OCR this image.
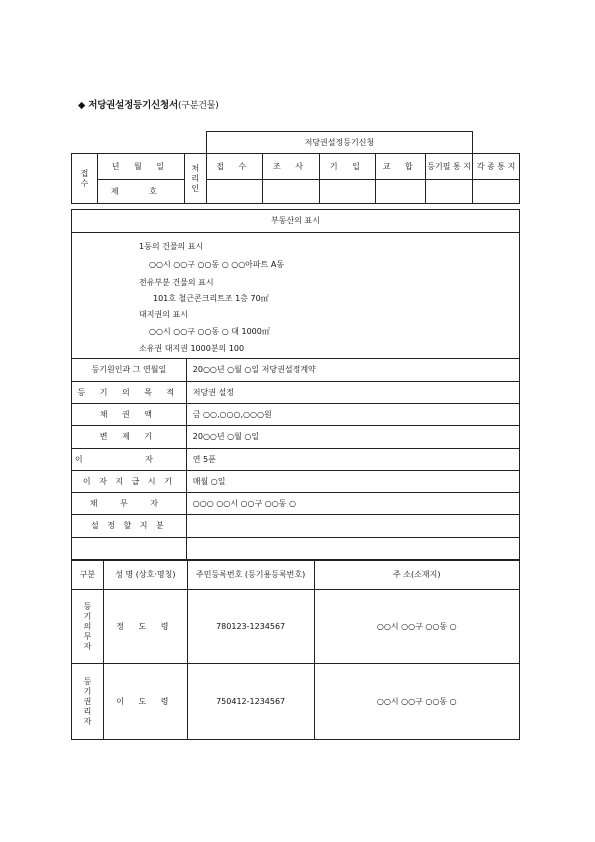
◆ 저당권설정등기신청서(구분건물)
			저당권설정등기신청					

접수	년 월 일	처리인	접 수	조 사	기 입	교 합	등기필 통 지	각 종 통 지
	제 호							
부동산의 표시	

등기원인과 그 연월일	20○○년 ○월 ○일 저당권설정계약
등 기 의 목 적	저당권 설정
채 권 액	금 ○○,○○○,○○○원
변 제 기	20○○년 ○월 ○일
이 자	연 5푼
이 자 지 급 시 기	매월 ○일
채 무 자	○○○ ○○시 ○○구 ○○동 ○
설 정 할 지 분	

1동의 건물의 표시
○○시 ○○구 ○○동 ○ ○○아파트 A동
전유부분 건물의 표시
101호 철근콘크리트조 1층 70㎡
대지권의 표시
○○시 ○○구 ○○동 ○ 대 1000㎡
소유권 대지권 1000분의 100
구분	성 명 (상호·명칭)	주민등록번호 (등기용등록번호)	주 소(소재지)

등기의무자	정 도 령	780123-1234567	○○시 ○○구 ○○동 ○

등기권리자	이 도 령	750412-1234567	○○시 ○○구 ○○동 ○
